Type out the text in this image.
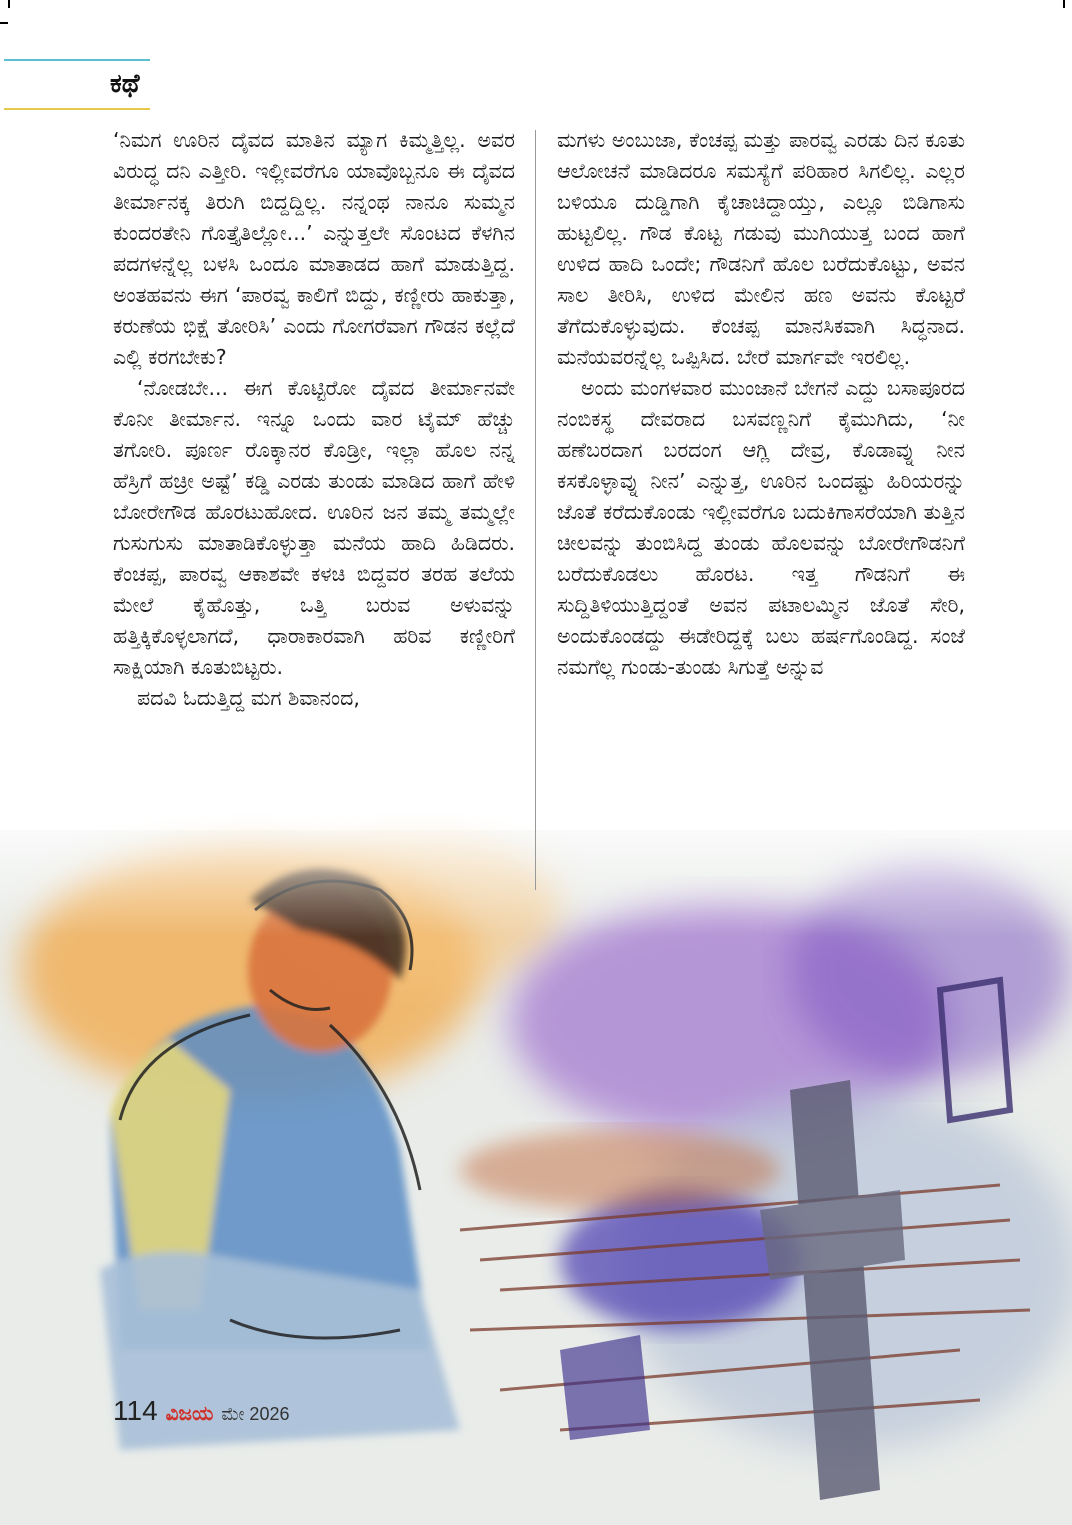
ಕಥೆ

‘ನಿಮಗ ಊರಿನ ದೈವದ ಮಾತಿನ ಮ್ಯಾಗ ಕಿಮ್ಮತ್ತಿಲ್ಲ. ಅವರ ವಿರುದ್ಧ ದನಿ ಎತ್ತೀರಿ. ಇಲ್ಲೀವರೆಗೂ ಯಾವೊಬ್ಬನೂ ಈ ದೈವದ ತೀರ್ಮಾನಕ್ಕ ತಿರುಗಿ ಬಿದ್ದದ್ದಿಲ್ಲ. ನನ್ನಂಥ ನಾನೂ ಸುಮ್ಮನ ಕುಂದರತೇನಿ ಗೊತ್ತೈತಿಲ್ಲೋ...’ ಎನ್ನುತ್ತಲೇ ಸೊಂಟದ ಕೆಳಗಿನ ಪದಗಳನ್ನೆಲ್ಲ ಬಳಸಿ ಒಂದೂ ಮಾತಾಡದ ಹಾಗೆ ಮಾಡುತ್ತಿದ್ದ. ಅಂತಹವನು ಈಗ ‘ಪಾರವ್ವ ಕಾಲಿಗೆ ಬಿದ್ದು, ಕಣ್ಣೀರು ಹಾಕುತ್ತಾ, ಕರುಣೆಯ ಭಿಕ್ಷೆ ತೋರಿಸಿ’ ಎಂದು ಗೋಗರೆವಾಗ ಗೌಡನ ಕಲ್ಲೆದೆ ಎಲ್ಲಿ ಕರಗಬೇಕು?

‘ನೋಡಬೇ... ಈಗ ಕೊಟ್ಟಿರೋ ದೈವದ ತೀರ್ಮಾನವೇ ಕೊನೀ ತೀರ್ಮಾನ. ಇನ್ನೂ ಒಂದು ವಾರ ಟೈಮ್ ಹೆಚ್ಚು ತಗೋರಿ. ಪೂರ್ಣ ರೊಕ್ಕಾನರ ಕೊಡ್ರೀ, ಇಲ್ಲಾ ಹೊಲ ನನ್ನ ಹೆಸ್ರಿಗೆ ಹಚ್ರೀ ಅಷ್ಟೆ’ ಕಡ್ಡಿ ಎರಡು ತುಂಡು ಮಾಡಿದ ಹಾಗೆ ಹೇಳಿ ಬೋರೇಗೌಡ ಹೊರಟುಹೋದ. ಊರಿನ ಜನ ತಮ್ಮ ತಮ್ಮಲ್ಲೇ ಗುಸುಗುಸು ಮಾತಾಡಿಕೊಳ್ಳುತ್ತಾ ಮನೆಯ ಹಾದಿ ಹಿಡಿದರು. ಕೆಂಚಪ್ಪ, ಪಾರವ್ವ ಆಕಾಶವೇ ಕಳಚಿ ಬಿದ್ದವರ ತರಹ ತಲೆಯ ಮೇಲೆ ಕೈಹೊತ್ತು, ಒತ್ತಿ ಬರುವ ಅಳುವನ್ನು ಹತ್ತಿಕ್ಕಿಕೊಳ್ಳಲಾಗದೆ, ಧಾರಾಕಾರವಾಗಿ ಹರಿವ ಕಣ್ಣೀರಿಗೆ ಸಾಕ್ಷಿಯಾಗಿ ಕೂತುಬಿಟ್ಟರು.

ಪದವಿ ಓದುತ್ತಿದ್ದ ಮಗ ಶಿವಾನಂದ,

ಮಗಳು ಅಂಬುಜಾ, ಕೆಂಚಪ್ಪ ಮತ್ತು ಪಾರವ್ವ ಎರಡು ದಿನ ಕೂತು ಆಲೋಚನೆ ಮಾಡಿದರೂ ಸಮಸ್ಯೆಗೆ ಪರಿಹಾರ ಸಿಗಲಿಲ್ಲ. ಎಲ್ಲರ ಬಳಿಯೂ ದುಡ್ಡಿಗಾಗಿ ಕೈಚಾಚಿದ್ದಾಯ್ತು, ಎಲ್ಲೂ ಬಿಡಿಗಾಸು ಹುಟ್ಟಲಿಲ್ಲ. ಗೌಡ ಕೊಟ್ಟ ಗಡುವು ಮುಗಿಯುತ್ತ ಬಂದ ಹಾಗೆ ಉಳಿದ ಹಾದಿ ಒಂದೇ; ಗೌಡನಿಗೆ ಹೊಲ ಬರೆದುಕೊಟ್ಟು, ಅವನ ಸಾಲ ತೀರಿಸಿ, ಉಳಿದ ಮೇಲಿನ ಹಣ ಅವನು ಕೊಟ್ಟರೆ ತೆಗೆದುಕೊಳ್ಳುವುದು. ಕೆಂಚಪ್ಪ ಮಾನಸಿಕವಾಗಿ ಸಿದ್ಧನಾದ. ಮನೆಯವರನ್ನೆಲ್ಲ ಒಪ್ಪಿಸಿದ. ಬೇರೆ ಮಾರ್ಗವೇ ಇರಲಿಲ್ಲ.

ಅಂದು ಮಂಗಳವಾರ ಮುಂಜಾನೆ ಬೇಗನೆ ಎದ್ದು ಬಸಾಪೂರದ ನಂಬಿಕಸ್ಥ ದೇವರಾದ ಬಸವಣ್ಣನಿಗೆ ಕೈಮುಗಿದು, ‘ನೀ ಹಣೆಬರದಾಗ ಬರದಂಗ ಆಗ್ಲಿ ದೇವ್ರ, ಕೊಡಾವ್ನು ನೀನ ಕಸಕೊಳ್ಳಾವ್ನು ನೀನ’ ಎನ್ನುತ್ತ, ಊರಿನ ಒಂದಷ್ಟು ಹಿರಿಯರನ್ನು ಜೊತೆ ಕರೆದುಕೊಂಡು ಇಲ್ಲೀವರೆಗೂ ಬದುಕಿಗಾಸರೆಯಾಗಿ ತುತ್ತಿನ ಚೀಲವನ್ನು ತುಂಬಿಸಿದ್ದ ತುಂಡು ಹೊಲವನ್ನು ಬೋರೇಗೌಡನಿಗೆ ಬರೆದುಕೊಡಲು ಹೊರಟ. ಇತ್ತ ಗೌಡನಿಗೆ ಈ ಸುದ್ದಿತಿಳಿಯುತ್ತಿದ್ದಂತೆ ಅವನ ಪಟಾಲಮ್ಮಿನ ಜೊತೆ ಸೇರಿ, ಅಂದುಕೊಂಡದ್ದು ಈಡೇರಿದ್ದಕ್ಕೆ ಬಲು ಹರ್ಷಗೊಂಡಿದ್ದ. ಸಂಜೆ ನಮಗೆಲ್ಲ ಗುಂಡು-ತುಂಡು ಸಿಗುತ್ತೆ ಅನ್ನುವ

114 ವಿಜಯ ಮೇ 2026
